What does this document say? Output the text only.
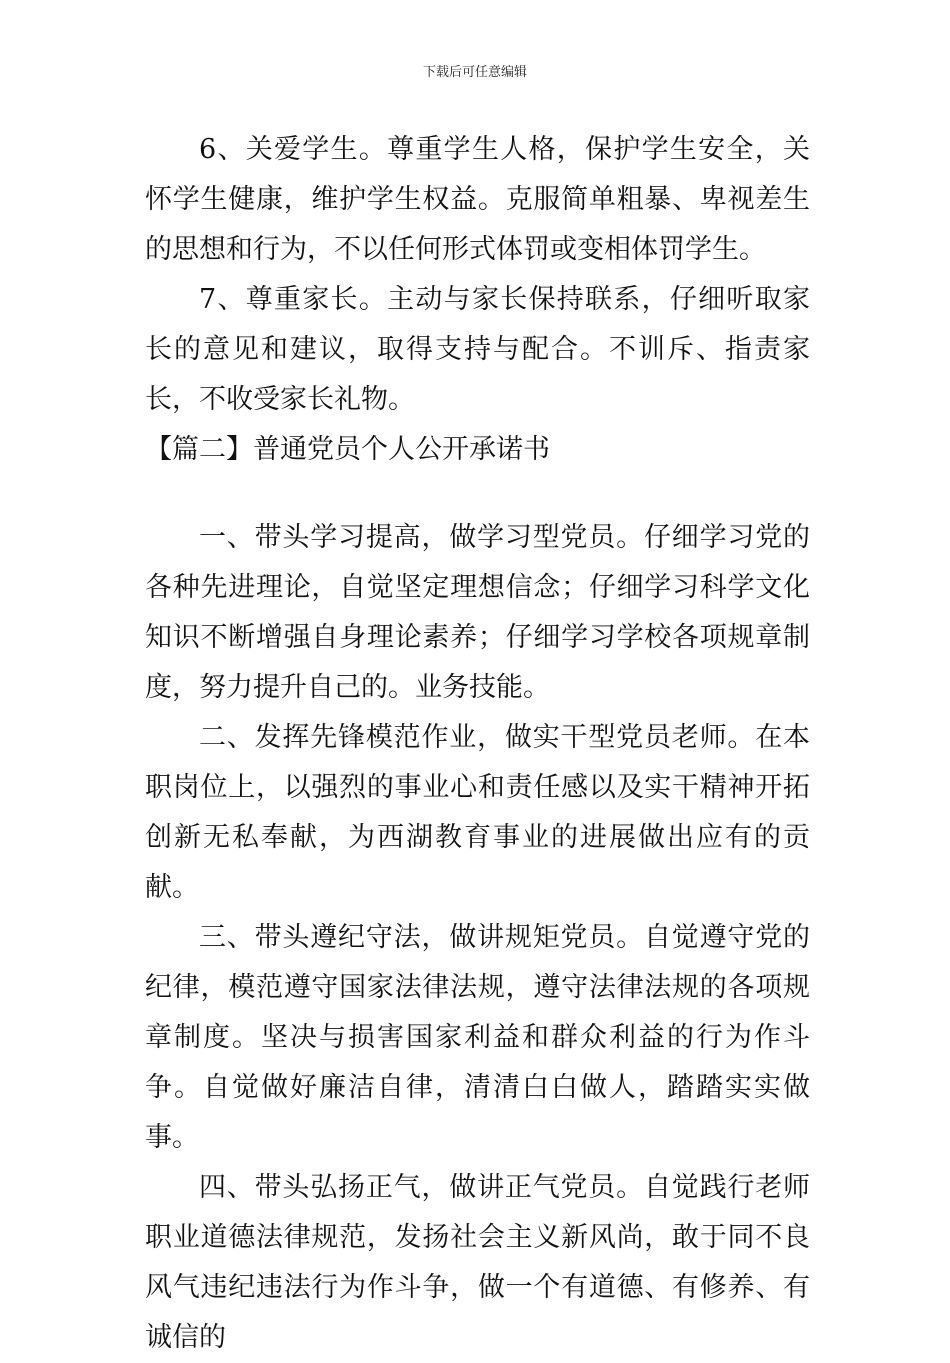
下载后可任意编辑

6、关爱学生。尊重学生人格，保护学生安全，关怀学生健康，维护学生权益。克服简单粗暴、卑视差生的思想和行为，不以任何形式体罚或变相体罚学生。

7、尊重家长。主动与家长保持联系，仔细听取家长的意见和建议，取得支持与配合。不训斥、指责家长，不收受家长礼物。

【篇二】普通党员个人公开承诺书

一、带头学习提高，做学习型党员。仔细学习党的各种先进理论，自觉坚定理想信念；仔细学习科学文化知识不断增强自身理论素养；仔细学习学校各项规章制度，努力提升自己的。业务技能。

二、发挥先锋模范作业，做实干型党员老师。在本职岗位上，以强烈的事业心和责任感以及实干精神开拓创新无私奉献，为西湖教育事业的进展做出应有的贡献。

三、带头遵纪守法，做讲规矩党员。自觉遵守党的纪律，模范遵守国家法律法规，遵守法律法规的各项规章制度。坚决与损害国家利益和群众利益的行为作斗争。自觉做好廉洁自律，清清白白做人，踏踏实实做事。

四、带头弘扬正气，做讲正气党员。自觉践行老师职业道德法律规范，发扬社会主义新风尚，敢于同不良风气违纪违法行为作斗争，做一个有道德、有修养、有诚信的
